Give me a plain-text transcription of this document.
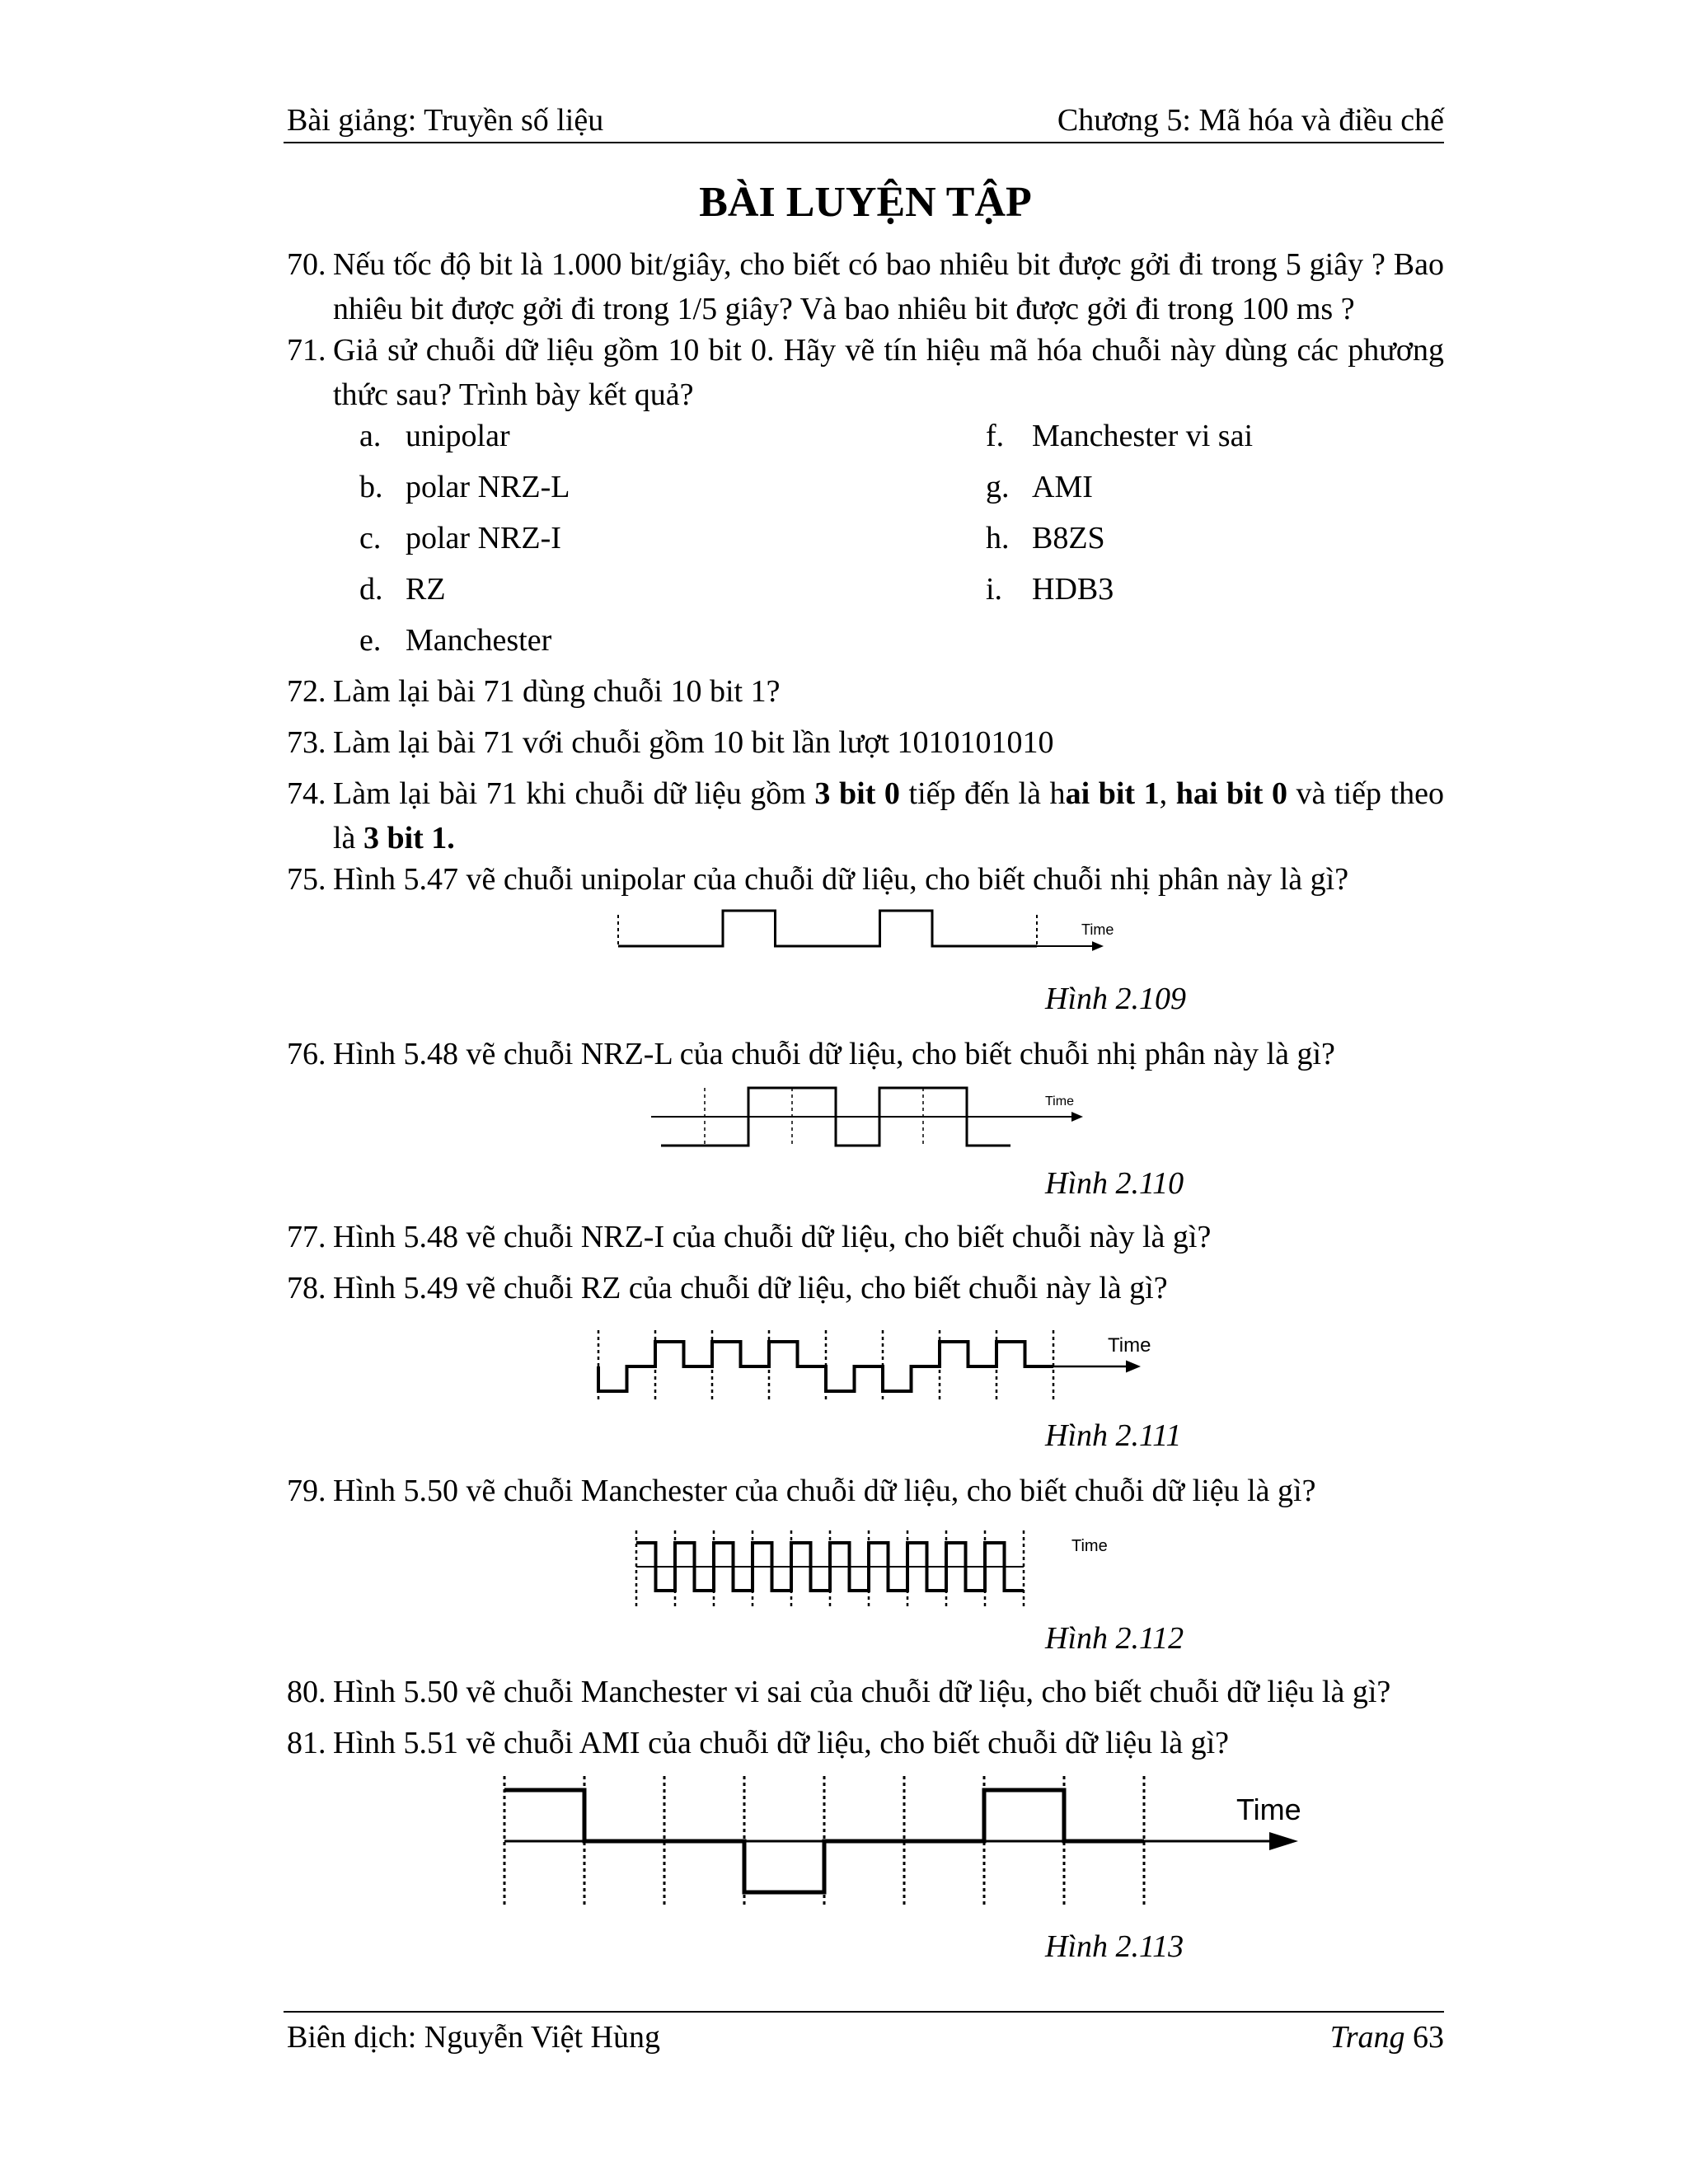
Bài giảng: Truyền số liệu	Chương 5: Mã hóa và điều chế
BÀI LUYỆN TẬP
70. Nếu tốc độ bit là 1.000 bit/giây, cho biết có bao nhiêu bit được gởi đi trong 5 giây ? Bao nhiêu bit được gởi đi trong 1/5 giây? Và bao nhiêu bit được gởi đi trong 100 ms ?
71. Giả sử chuỗi dữ liệu gồm 10 bit 0. Hãy vẽ tín hiệu mã hóa chuỗi này dùng các phương thức sau? Trình bày kết quả?
a. unipolar
b. polar NRZ-L
c. polar NRZ-I
d. RZ
e. Manchester
f. Manchester vi sai
g. AMI
h. B8ZS
i. HDB3
72. Làm lại bài 71 dùng chuỗi 10 bit 1?
73. Làm lại bài 71 với chuỗi gồm 10 bit lần lượt 1010101010
74. Làm lại bài 71 khi chuỗi dữ liệu gồm 3 bit 0 tiếp đến là hai bit 1, hai bit 0 và tiếp theo là 3 bit 1.
75. Hình 5.47 vẽ chuỗi unipolar của chuỗi dữ liệu, cho biết chuỗi nhị phân này là gì?
Time
Hình 2.109
76. Hình 5.48 vẽ chuỗi NRZ-L của chuỗi dữ liệu, cho biết chuỗi nhị phân này là gì?
Time
Hình 2.110
77. Hình 5.48 vẽ chuỗi NRZ-I của chuỗi dữ liệu, cho biết chuỗi này là gì?
78. Hình 5.49 vẽ chuỗi RZ của chuỗi dữ liệu, cho biết chuỗi này là gì?
Time
Hình 2.111
79. Hình 5.50 vẽ chuỗi Manchester của chuỗi dữ liệu, cho biết chuỗi dữ liệu là gì?
Time
Hình 2.112
80. Hình 5.50 vẽ chuỗi Manchester vi sai của chuỗi dữ liệu, cho biết chuỗi dữ liệu là gì?
81. Hình 5.51 vẽ chuỗi AMI của chuỗi dữ liệu, cho biết chuỗi dữ liệu là gì?
Time
Hình 2.113
Biên dịch: Nguyễn Việt Hùng	Trang 63
